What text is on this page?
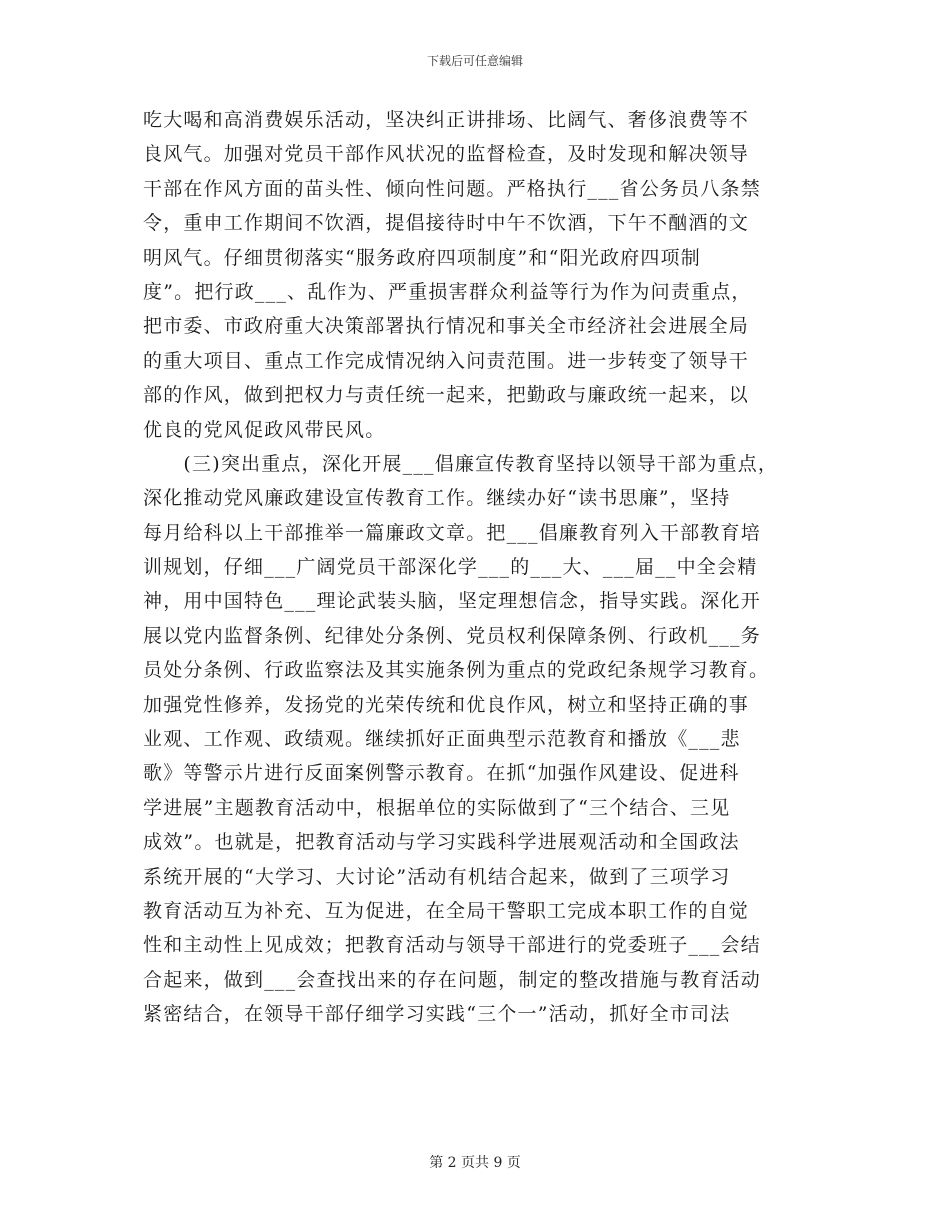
下载后可任意编辑
吃大喝和高消费娱乐活动，坚决纠正讲排场、比阔气、奢侈浪费等不
良风气。加强对党员干部作风状况的监督检查，及时发现和解决领导
干部在作风方面的苗头性、倾向性问题。严格执行___省公务员八条禁
令，重申工作期间不饮酒，提倡接待时中午不饮酒，下午不酗酒的文
明风气。仔细贯彻落实“服务政府四项制度”和“阳光政府四项制
度”。把行政___、乱作为、严重损害群众利益等行为作为问责重点，
把市委、市政府重大决策部署执行情况和事关全市经济社会进展全局
的重大项目、重点工作完成情况纳入问责范围。进一步转变了领导干
部的作风，做到把权力与责任统一起来，把勤政与廉政统一起来，以
优良的党风促政风带民风。
　　(三)突出重点，深化开展___倡廉宣传教育坚持以领导干部为重点，
深化推动党风廉政建设宣传教育工作。继续办好“读书思廉”，坚持
每月给科以上干部推举一篇廉政文章。把___倡廉教育列入干部教育培
训规划，仔细___广阔党员干部深化学___的___大、___届__中全会精
神，用中国特色___理论武装头脑，坚定理想信念，指导实践。深化开
展以党内监督条例、纪律处分条例、党员权利保障条例、行政机___务
员处分条例、行政监察法及其实施条例为重点的党政纪条规学习教育。
加强党性修养，发扬党的光荣传统和优良作风，树立和坚持正确的事
业观、工作观、政绩观。继续抓好正面典型示范教育和播放《___悲
歌》等警示片进行反面案例警示教育。在抓“加强作风建设、促进科
学进展”主题教育活动中，根据单位的实际做到了“三个结合、三见
成效”。也就是，把教育活动与学习实践科学进展观活动和全国政法
系统开展的“大学习、大讨论”活动有机结合起来，做到了三项学习
教育活动互为补充、互为促进，在全局干警职工完成本职工作的自觉
性和主动性上见成效；把教育活动与领导干部进行的党委班子___会结
合起来，做到___会查找出来的存在问题，制定的整改措施与教育活动
紧密结合，在领导干部仔细学习实践“三个一”活动，抓好全市司法
第 2 页共 9 页
